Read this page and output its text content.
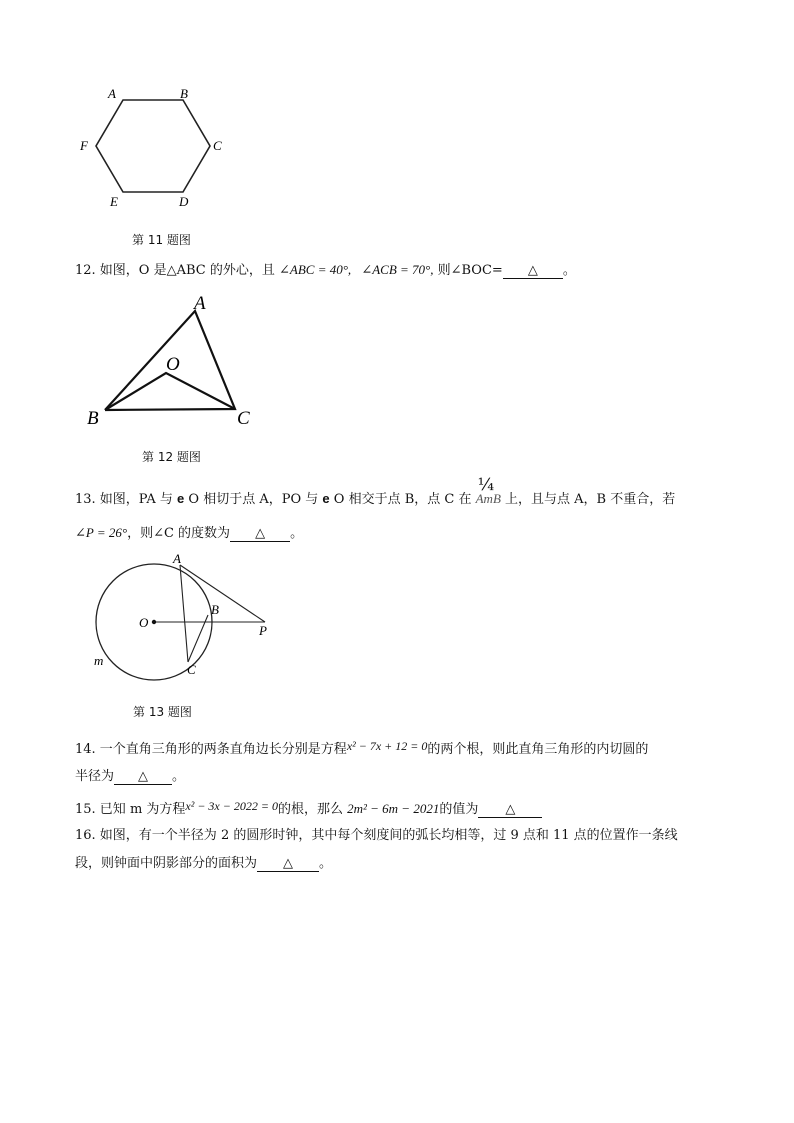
A	B
C
D
E
F
第 11 题图
12. 如图，O 是△ABC 的外心，且 ∠ABC = 40°, ∠ACB = 70°, 则∠BOC= △ 。
A
O
B	C
第 12 题图
13. 如图，PA 与 e O 相切于点 A，PO 与 e O 相交于点 B，点 C 在
¼
AmB 上，且与点 A，B 不重合，若
∠P = 26°，则∠C 的度数为 △ 。
A
O
B
P
C
m
第 13 题图
14. 一个直角三角形的两条直角边长分别是方程x² − 7x + 12 = 0的两个根，则此直角三角形的内切圆的
半径为 △ 。
15. 已知 m 为方程x² − 3x − 2022 = 0的根，那么 2m² − 6m − 2021的值为 △
16. 如图，有一个半径为 2 的圆形时钟，其中每个刻度间的弧长均相等，过 9 点和 11 点的位置作一条线
段，则钟面中阴影部分的面积为 △ 。
